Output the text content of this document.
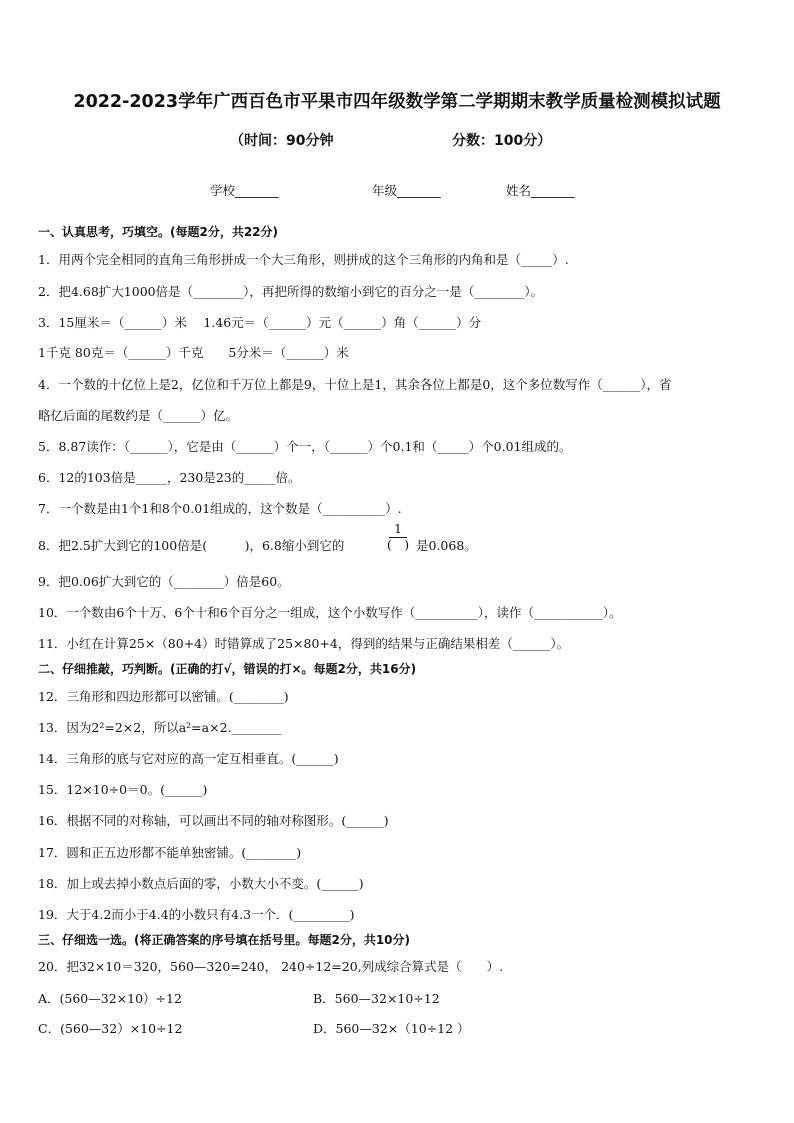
2022-2023学年广西百色市平果市四年级数学第二学期期末教学质量检测模拟试题
（时间：90分钟	分数：100分）
学校_______	年级_______	姓名_______
一、认真思考，巧填空。(每题2分，共22分)
1．用两个完全相同的直角三角形拼成一个大三角形，则拼成的这个三角形的内角和是（_____）.
2．把4.68扩大1000倍是（________），再把所得的数缩小到它的百分之一是（________）。
3．15厘米＝（______）米　 1.46元＝（______）元（______）角（______）分
1千克 80克＝（______）千克　　5分米＝（______）米
4．一个数的十亿位上是2，亿位和千万位上都是9，十位上是1，其余各位上都是0，这个多位数写作（______），省
略亿后面的尾数约是（______）亿。
5．8.87读作：（______），它是由（______）个一，（______）个0.1和（_____）个0.01组成的。
6．12的103倍是_____，230是23的_____倍。
7．一个数是由1个1和8个0.01组成的，这个数是（__________）.
8．把2.5扩大到它的100倍是(　　　)，6.8缩小到它的
1
(　) 是0.068。
9．把0.06扩大到它的（________）倍是60。
10．一个数由6个十万、6个十和6个百分之一组成，这个小数写作（__________），读作（___________）。
11．小红在计算25×（80+4）时错算成了25×80+4，得到的结果与正确结果相差（______）。
二、仔细推敲，巧判断。(正确的打√，错误的打×。每题2分，共16分)
12．三角形和四边形都可以密铺。(________)
13．因为2²=2×2，所以a²=a×2.________
14．三角形的底与它对应的高一定互相垂直。(______)
15．12×10÷0＝0。(______)
16．根据不同的对称轴，可以画出不同的轴对称图形。(______)
17．圆和正五边形都不能单独密铺。(________)
18．加上或去掉小数点后面的零，小数大小不变。(______)
19．大于4.2而小于4.4的小数只有4.3一个．(_________)
三、仔细选一选。(将正确答案的序号填在括号里。每题2分，共10分)
20．把32×10＝320，560—320=240， 240÷12=20,列成综合算式是（　　）.
A．(560—32×10）÷12	B．560—32×10÷12
C．(560—32）×10÷12	D．560—32×（10÷12 ）
